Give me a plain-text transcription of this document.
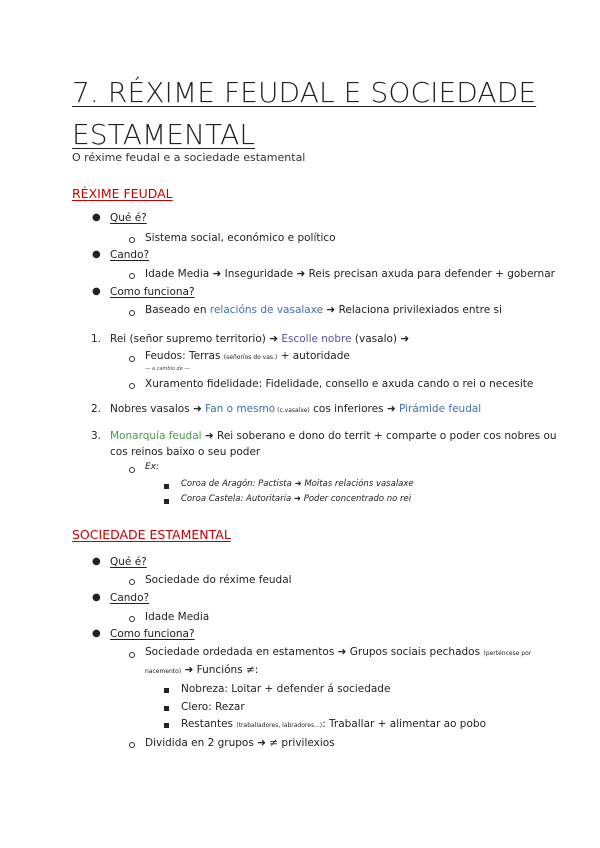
7. RÉXIME FEUDAL E SOCIEDADE ESTAMENTAL
O réxime feudal e a sociedade estamental
RÉXIME FEUDAL
● Qué é?
Sistema social, económico e político
● Cando?
Idade Media ➜ Inseguridade ➜ Reis precisan axuda para defender + gobernar
● Como funciona?
Baseado en relacións de vasalaxe ➜ Relaciona privilexiados entre si
1. Rei (señor supremo territorio) ➜ Escolle nobre (vasalo) ➜
Feudos: Terras (señoríos do vas.) + autoridade
--- a cambio de ---
Xuramento fidelidade: Fidelidade, consello e axuda cando o rei o necesite
2. Nobres vasalos ➜ Fan o mesmo (c.vasalxe) cos inferiores ➜ Pirámide feudal
3. Monarquía feudal ➜ Rei soberano e dono do territ + comparte o poder cos nobres ou
cos reinos baixo o seu poder
Ex:
Coroa de Aragón: Pactista ➜ Moitas relacións vasalaxe
Coroa Castela: Autoritaria ➜ Poder concentrado no rei
SOCIEDADE ESTAMENTAL
● Qué é?
Sociedade do réxime feudal
● Cando?
Idade Media
● Como funciona?
Sociedade ordedada en estamentos ➜ Grupos sociais pechados (perténcese por
nacemento) ➜ Funcións ≠:
Nobreza: Loitar + defender á sociedade
Clero: Rezar
Restantes (traballadores, labradores...): Traballar + alimentar ao pobo
Dividida en 2 grupos ➜ ≠ privilexios
